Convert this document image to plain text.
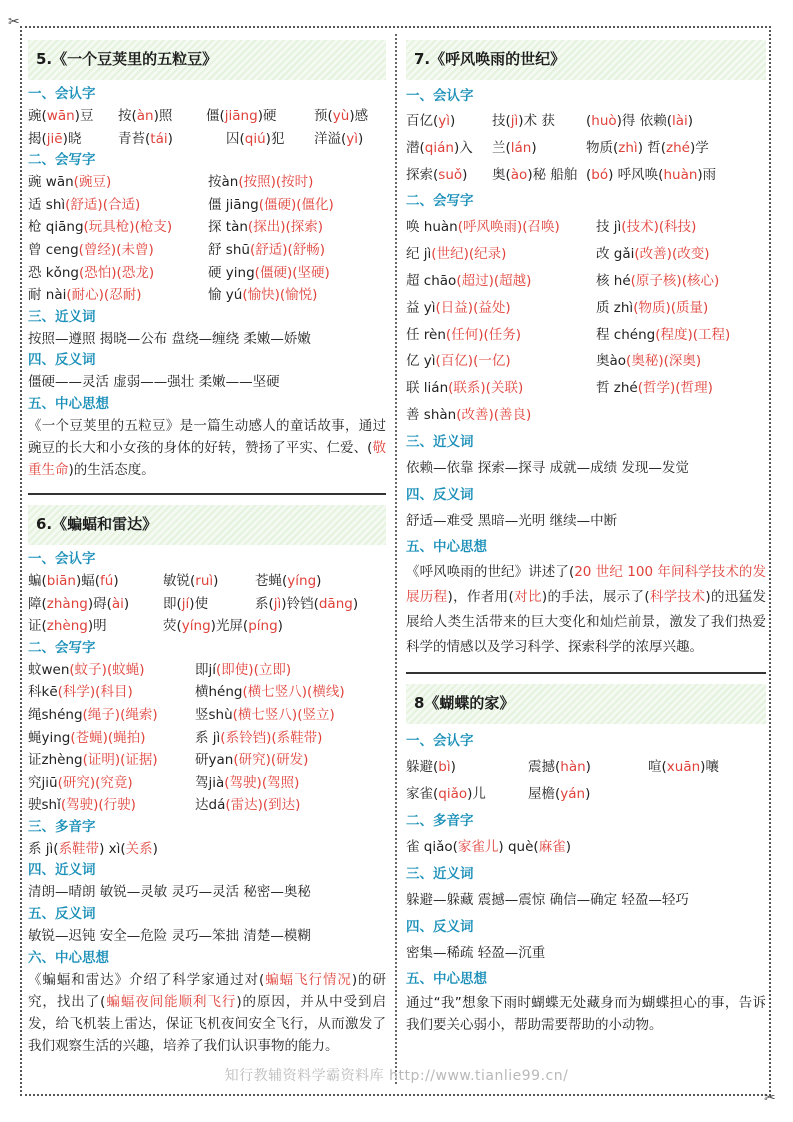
✂
✂
5.《一个豆荚里的五粒豆》
一、会认字
豌(wān)豆	按(àn)照	僵(jiāng)硬	预(yù)感
揭(jiē)晓	青苔(tái)	囚(qiú)犯	洋溢(yì)
二、会写字
豌 wān(豌豆)	按àn(按照)(按时)
适 shì(舒适)(合适)	僵 jiāng(僵硬)(僵化)
枪 qiāng(玩具枪)(枪支)	探 tàn(探出)(探索)
曾 ceng(曾经)(未曾)	舒 shū(舒适)(舒畅)
恐 kǒng(恐怕)(恐龙)	硬 ying(僵硬)(坚硬)
耐 nài(耐心)(忍耐)	愉 yú(愉快)(愉悦)
三、近义词
按照—遵照 揭晓—公布 盘绕—缠绕 柔嫩—娇嫩
四、反义词
僵硬——灵活 虚弱——强壮 柔嫩——坚硬
五、中心思想
《一个豆荚里的五粒豆》是一篇生动感人的童话故事，通过豌豆的长大和小女孩的身体的好转，赞扬了平实、仁爱、(敬重生命)的生活态度。
6.《蝙蝠和雷达》
一、会认字
蝙(biān)蝠(fú)	敏锐(ruì)	苍蝇(yíng)
障(zhàng)碍(ài)	即(jí)使	系(jì)铃铛(dāng)
证(zhèng)明	荧(yíng)光屏(píng)
二、会写字
蚊wen(蚊子)(蚊蝇)	即jí(即使)(立即)
科kē(科学)(科目)	横héng(横七竖八)(横线)
绳shéng(绳子)(绳索)	竖shù(横七竖八)(竖立)
蝇ying(苍蝇)(蝇拍)	系 jì(系铃铛)(系鞋带)
证zhèng(证明)(证据)	研yan(研究)(研发)
究jiū(研究)(究竟)	驾jià(驾驶)(驾照)
驶shǐ(驾驶)(行驶)	达dá(雷达)(到达)
三、多音字
系 jì(系鞋带) xì(关系)
四、近义词
清朗—晴朗 敏锐—灵敏 灵巧—灵活 秘密—奥秘
五、反义词
敏锐—迟钝 安全—危险 灵巧—笨拙 清楚—模糊
六、中心思想
《蝙蝠和雷达》介绍了科学家通过对(蝙蝠飞行情况)的研究，找出了(蝙蝠夜间能顺利飞行)的原因，并从中受到启发，给飞机装上雷达，保证飞机夜间安全飞行，从而激发了我们观察生活的兴趣，培养了我们认识事物的能力。
7.《呼风唤雨的世纪》
一、会认字
百亿(yì)	技(jì)术 获	(huò)得 依赖(lài)
潜(qián)入	兰(lán)	物质(zhì) 哲(zhé)学
探索(suǒ)	奥(ào)秘 船舶 (bó) 呼风唤(huàn)雨
二、会写字
唤 huàn(呼风唤雨)(召唤)	技 jì(技术)(科技)
纪 jì(世纪)(纪录)	改 gǎi(改善)(改变)
超 chāo(超过)(超越)	核 hé(原子核)(核心)
益 yì(日益)(益处)	质 zhì(物质)(质量)
任 rèn(任何)(任务)	程 chéng(程度)(工程)
亿 yì(百亿)(一亿)	奥ào(奥秘)(深奥)
联 lián(联系)(关联)	哲 zhé(哲学)(哲理)
善 shàn(改善)(善良)
三、近义词
依赖—依靠 探索—探寻 成就—成绩 发现—发觉
四、反义词
舒适—难受 黑暗—光明 继续—中断
五、中心思想
《呼风唤雨的世纪》讲述了(20 世纪 100 年间科学技术的发展历程)，作者用(对比)的手法，展示了(科学技术)的迅猛发展给人类生活带来的巨大变化和灿烂前景，激发了我们热爱科学的情感以及学习科学、探索科学的浓厚兴趣。
8《蝴蝶的家》
一、会认字
躲避(bì)	震撼(hàn)	喧(xuān)嚷
家雀(qiǎo)儿	屋檐(yán)
二、多音字
雀 qiǎo(家雀儿) què(麻雀)
三、近义词
躲避—躲藏 震撼—震惊 确信—确定 轻盈—轻巧
四、反义词
密集—稀疏 轻盈—沉重
五、中心思想
通过“我”想象下雨时蝴蝶无处藏身而为蝴蝶担心的事，告诉我们要关心弱小，帮助需要帮助的小动物。
知行教辅资料学霸资料库 http://www.tianlie99.cn/
